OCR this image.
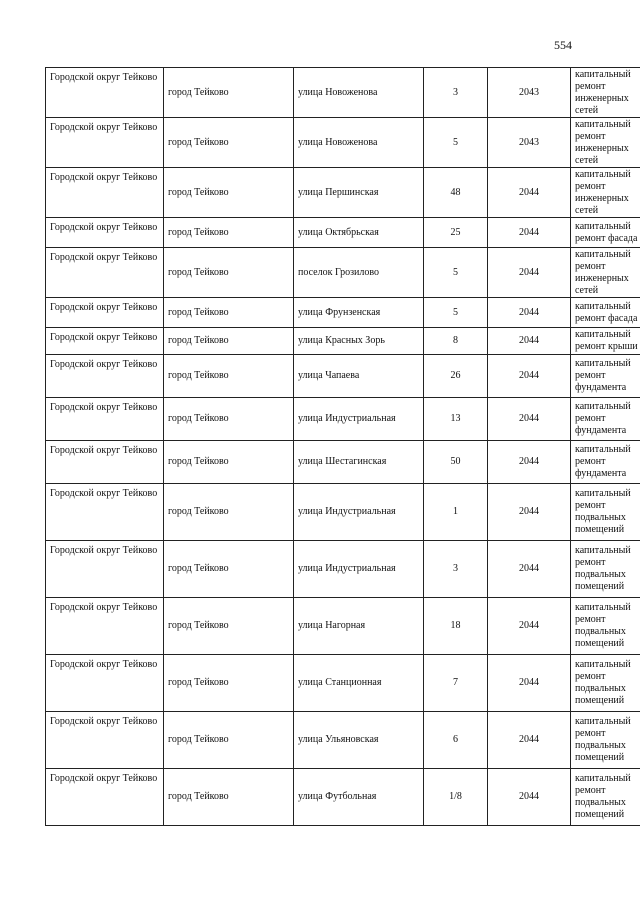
554
Городской округ Тейково	город Тейково	улица Новоженова	3	2043	капитальный ремонт инженерных сетей
Городской округ Тейково	город Тейково	улица Новоженова	5	2043	капитальный ремонт инженерных сетей
Городской округ Тейково	город Тейково	улица Першинская	48	2044	капитальный ремонт инженерных сетей
Городской округ Тейково	город Тейково	улица Октябрьская	25	2044	капитальный ремонт фасада
Городской округ Тейково	город Тейково	поселок Грозилово	5	2044	капитальный ремонт инженерных сетей
Городской округ Тейково	город Тейково	улица Фрунзенская	5	2044	капитальный ремонт фасада
Городской округ Тейково	город Тейково	улица Красных Зорь	8	2044	капитальный ремонт крыши
Городской округ Тейково	город Тейково	улица Чапаева	26	2044	капитальный ремонт фундамента
Городской округ Тейково	город Тейково	улица Индустриальная	13	2044	капитальный ремонт фундамента
Городской округ Тейково	город Тейково	улица Шестагинская	50	2044	капитальный ремонт фундамента
Городской округ Тейково	город Тейково	улица Индустриальная	1	2044	капитальный ремонт подвальных помещений
Городской округ Тейково	город Тейково	улица Индустриальная	3	2044	капитальный ремонт подвальных помещений
Городской округ Тейково	город Тейково	улица Нагорная	18	2044	капитальный ремонт подвальных помещений
Городской округ Тейково	город Тейково	улица Станционная	7	2044	капитальный ремонт подвальных помещений
Городской округ Тейково	город Тейково	улица Ульяновская	6	2044	капитальный ремонт подвальных помещений
Городской округ Тейково	город Тейково	улица Футбольная	1/8	2044	капитальный ремонт подвальных помещений
